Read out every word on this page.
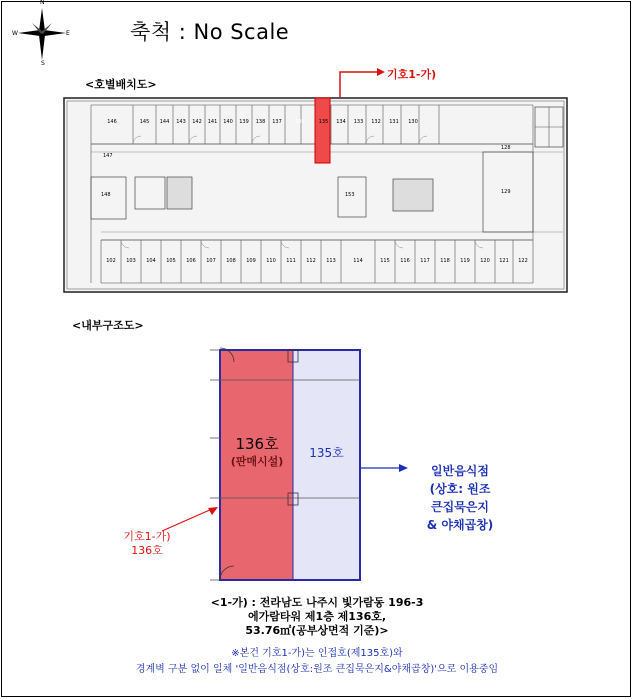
N
E
S
W	축척 : No Scale
<호별배치도>
기호1-가)
146	145	144	143	142	141	140	139	138	137	136	135	134	133	132	131	130
147
148	153
128
129
102	103	104	105	106	107	108	109	110	111	112	113	114	115	116	117	118	119	120	121	122
<내부구조도>
136호
(판매시설)
135호
기호1-가)
136호
일반음식점
(상호: 원조
큰집묵은지
& 야채곱창)
<1-가) : 전라남도 나주시 빛가람동 196-3
에가람타워 제1층 제136호,
53.76㎡(공부상면적 기준)>
※본건 기호1-가)는 인접호(제135호)와
경계벽 구분 없이 일체 '일반음식점(상호:원조 큰집묵은지&야채곱창)'으로 이용중임
